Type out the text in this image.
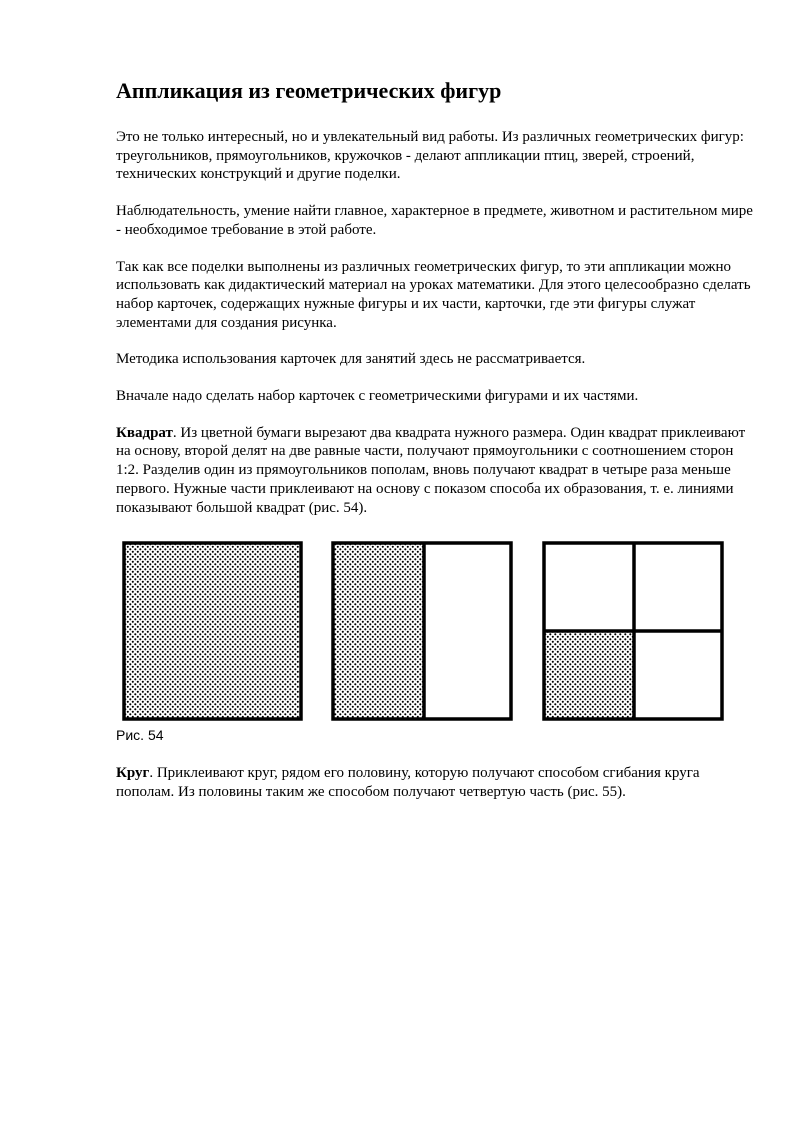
Аппликация из геометрических фигур

Это не только интересный, но и увлекательный вид работы. Из различных геометрических фигур: треугольников, прямоугольников, кружочков - делают аппликации птиц, зверей, строений, технических конструкций и другие поделки.

Наблюдательность, умение найти главное, характерное в предмете, животном и растительном мире - необходимое требование в этой работе.

Так как все поделки выполнены из различных геометрических фигур, то эти аппликации можно использовать как дидактический материал на уроках математики. Для этого целесообразно сделать набор карточек, содержащих нужные фигуры и их части, карточки, где эти фигуры служат элементами для создания рисунка.

Методика использования карточек для занятий здесь не рассматривается.

Вначале надо сделать набор карточек с геометрическими фигурами и их частями.

Квадрат. Из цветной бумаги вырезают два квадрата нужного размера. Один квадрат приклеивают на основу, второй делят на две равные части, получают прямоугольники с соотношением сторон 1:2. Разделив один из прямоугольников пополам, вновь получают квадрат в четыре раза меньше первого. Нужные части приклеивают на основу с показом способа их образования, т. е. линиями показывают большой квадрат (рис. 54).

Рис. 54

Круг. Приклеивают круг, рядом его половину, которую получают способом сгибания круга пополам. Из половины таким же способом получают четвертую часть (рис. 55).
